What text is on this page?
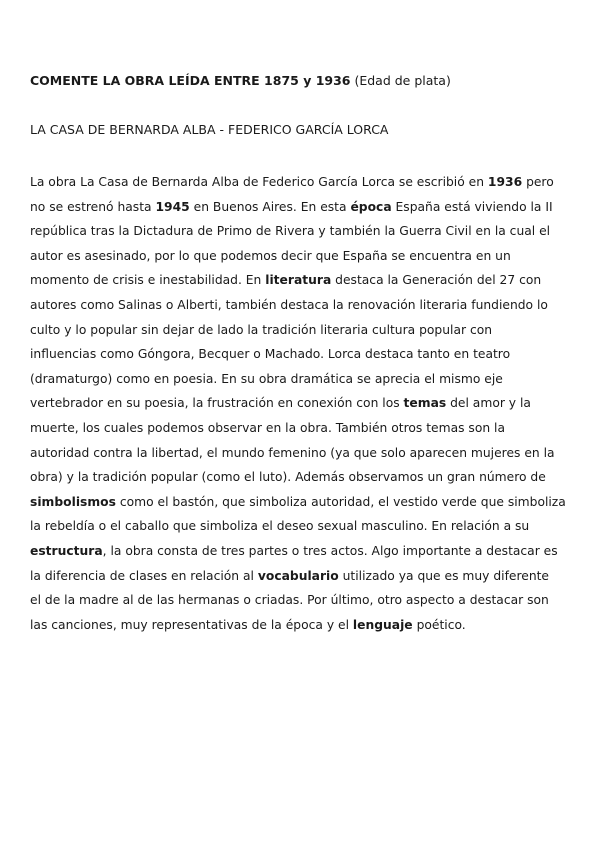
COMENTE LA OBRA LEÍDA ENTRE 1875 y 1936 (Edad de plata)
LA CASA DE BERNARDA ALBA - FEDERICO GARCÍA LORCA
La obra La Casa de Bernarda Alba de Federico García Lorca se escribió en 1936 pero
no se estrenó hasta 1945 en Buenos Aires. En esta época España está viviendo la II
república tras la Dictadura de Primo de Rivera y también la Guerra Civil en la cual el
autor es asesinado, por lo que podemos decir que España se encuentra en un
momento de crisis e inestabilidad. En literatura destaca la Generación del 27 con
autores como Salinas o Alberti, también destaca la renovación literaria fundiendo lo
culto y lo popular sin dejar de lado la tradición literaria cultura popular con
influencias como Góngora, Becquer o Machado. Lorca destaca tanto en teatro
(dramaturgo) como en poesia. En su obra dramática se aprecia el mismo eje
vertebrador en su poesia, la frustración en conexión con los temas del amor y la
muerte, los cuales podemos observar en la obra. También otros temas son la
autoridad contra la libertad, el mundo femenino (ya que solo aparecen mujeres en la
obra) y la tradición popular (como el luto). Además observamos un gran número de
simbolismos como el bastón, que simboliza autoridad, el vestido verde que simboliza
la rebeldía o el caballo que simboliza el deseo sexual masculino. En relación a su
estructura, la obra consta de tres partes o tres actos. Algo importante a destacar es
la diferencia de clases en relación al vocabulario utilizado ya que es muy diferente
el de la madre al de las hermanas o criadas. Por último, otro aspecto a destacar son
las canciones, muy representativas de la época y el lenguaje poético.
